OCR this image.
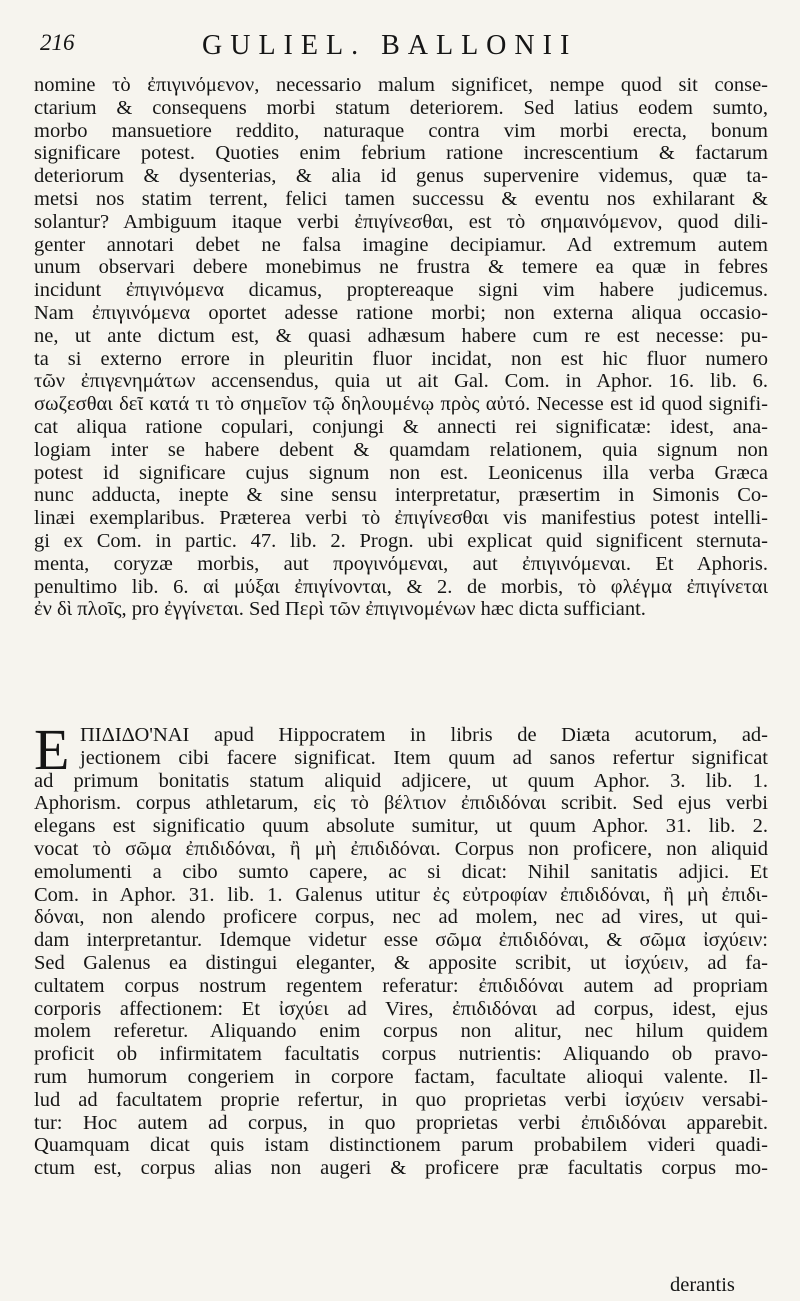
216	GULIEL. BALLONII
nomine τὸ ἐπιγινόμενον, necessario malum significet, nempe quod sit conse-
ctarium & consequens morbi statum deteriorem. Sed latius eodem sumto,
morbo mansuetiore reddito, naturaque contra vim morbi erecta, bonum
significare potest. Quoties enim febrium ratione increscentium & factarum
deteriorum & dysenterias, & alia id genus supervenire videmus, quæ ta-
metsi nos statim terrent, felici tamen successu & eventu nos exhilarant &
solantur? Ambiguum itaque verbi ἐπιγίνεσθαι, est τὸ σημαινόμενον, quod dili-
genter annotari debet ne falsa imagine decipiamur. Ad extremum autem
unum observari debere monebimus ne frustra & temere ea quæ in febres
incidunt ἐπιγινόμενα dicamus, proptereaque signi vim habere judicemus.
Nam ἐπιγινόμενα oportet adesse ratione morbi; non externa aliqua occasio-
ne, ut ante dictum est, & quasi adhæsum habere cum re est necesse: pu-
ta si externo errore in pleuritin fluor incidat, non est hic fluor numero
τῶν ἐπιγενημάτων accensendus, quia ut ait Gal. Com. in Aphor. 16. lib. 6.
σωζεσθαι δεῖ κατά τι τὸ σημεῖον τῷ δηλουμένῳ πρὸς αὐτό. Necesse est id quod signifi-
cat aliqua ratione copulari, conjungi & annecti rei significatæ: idest, ana-
logiam inter se habere debent & quamdam relationem, quia signum non
potest id significare cujus signum non est. Leonicenus illa verba Græca
nunc adducta, inepte & sine sensu interpretatur, præsertim in Simonis Co-
linæi exemplaribus. Præterea verbi τὸ ἐπιγίνεσθαι vis manifestius potest intelli-
gi ex Com. in partic. 47. lib. 2. Progn. ubi explicat quid significent sternuta-
menta, coryzæ morbis, aut προγινόμεναι, aut ἐπιγινόμεναι. Et Aphoris.
penultimo lib. 6. αἱ μύξαι ἐπιγίνονται, & 2. de morbis, τὸ φλέγμα ἐπιγίνεται
ἐν δὶ πλοῖς, pro ἐγγίνεται. Sed Περὶ τῶν ἐπιγινομένων hæc dicta sufficiant.
E ΠΙΔΙΔΟ'ΝΑΙ apud Hippocratem in libris de Diæta acutorum, ad-
jectionem cibi facere significat. Item quum ad sanos refertur significat
ad primum bonitatis statum aliquid adjicere, ut quum Aphor. 3. lib. 1.
Aphorism. corpus athletarum, εἰς τὸ βέλτιον ἐπιδιδόναι scribit. Sed ejus verbi
elegans est significatio quum absolute sumitur, ut quum Aphor. 31. lib. 2.
vocat τὸ σῶμα ἐπιδιδόναι, ἢ μὴ ἐπιδιδόναι. Corpus non proficere, non aliquid
emolumenti a cibo sumto capere, ac si dicat: Nihil sanitatis adjici. Et
Com. in Aphor. 31. lib. 1. Galenus utitur ἐς εὐτροφίαν ἐπιδιδόναι, ἢ μὴ ἐπιδι-
δόναι, non alendo proficere corpus, nec ad molem, nec ad vires, ut qui-
dam interpretantur. Idemque videtur esse σῶμα ἐπιδιδόναι, & σῶμα ἰσχύειν:
Sed Galenus ea distingui eleganter, & apposite scribit, ut ἰσχύειν, ad fa-
cultatem corpus nostrum regentem referatur: ἐπιδιδόναι autem ad propriam
corporis affectionem: Et ἰσχύει ad Vires, ἐπιδιδόναι ad corpus, idest, ejus
molem referetur. Aliquando enim corpus non alitur, nec hilum quidem
proficit ob infirmitatem facultatis corpus nutrientis: Aliquando ob pravo-
rum humorum congeriem in corpore factam, facultate alioqui valente. Il-
lud ad facultatem proprie refertur, in quo proprietas verbi ἰσχύειν versabi-
tur: Hoc autem ad corpus, in quo proprietas verbi ἐπιδιδόναι apparebit.
Quamquam dicat quis istam distinctionem parum probabilem videri quadi-
ctum est, corpus alias non augeri & proficere præ facultatis corpus mo-
derantis
